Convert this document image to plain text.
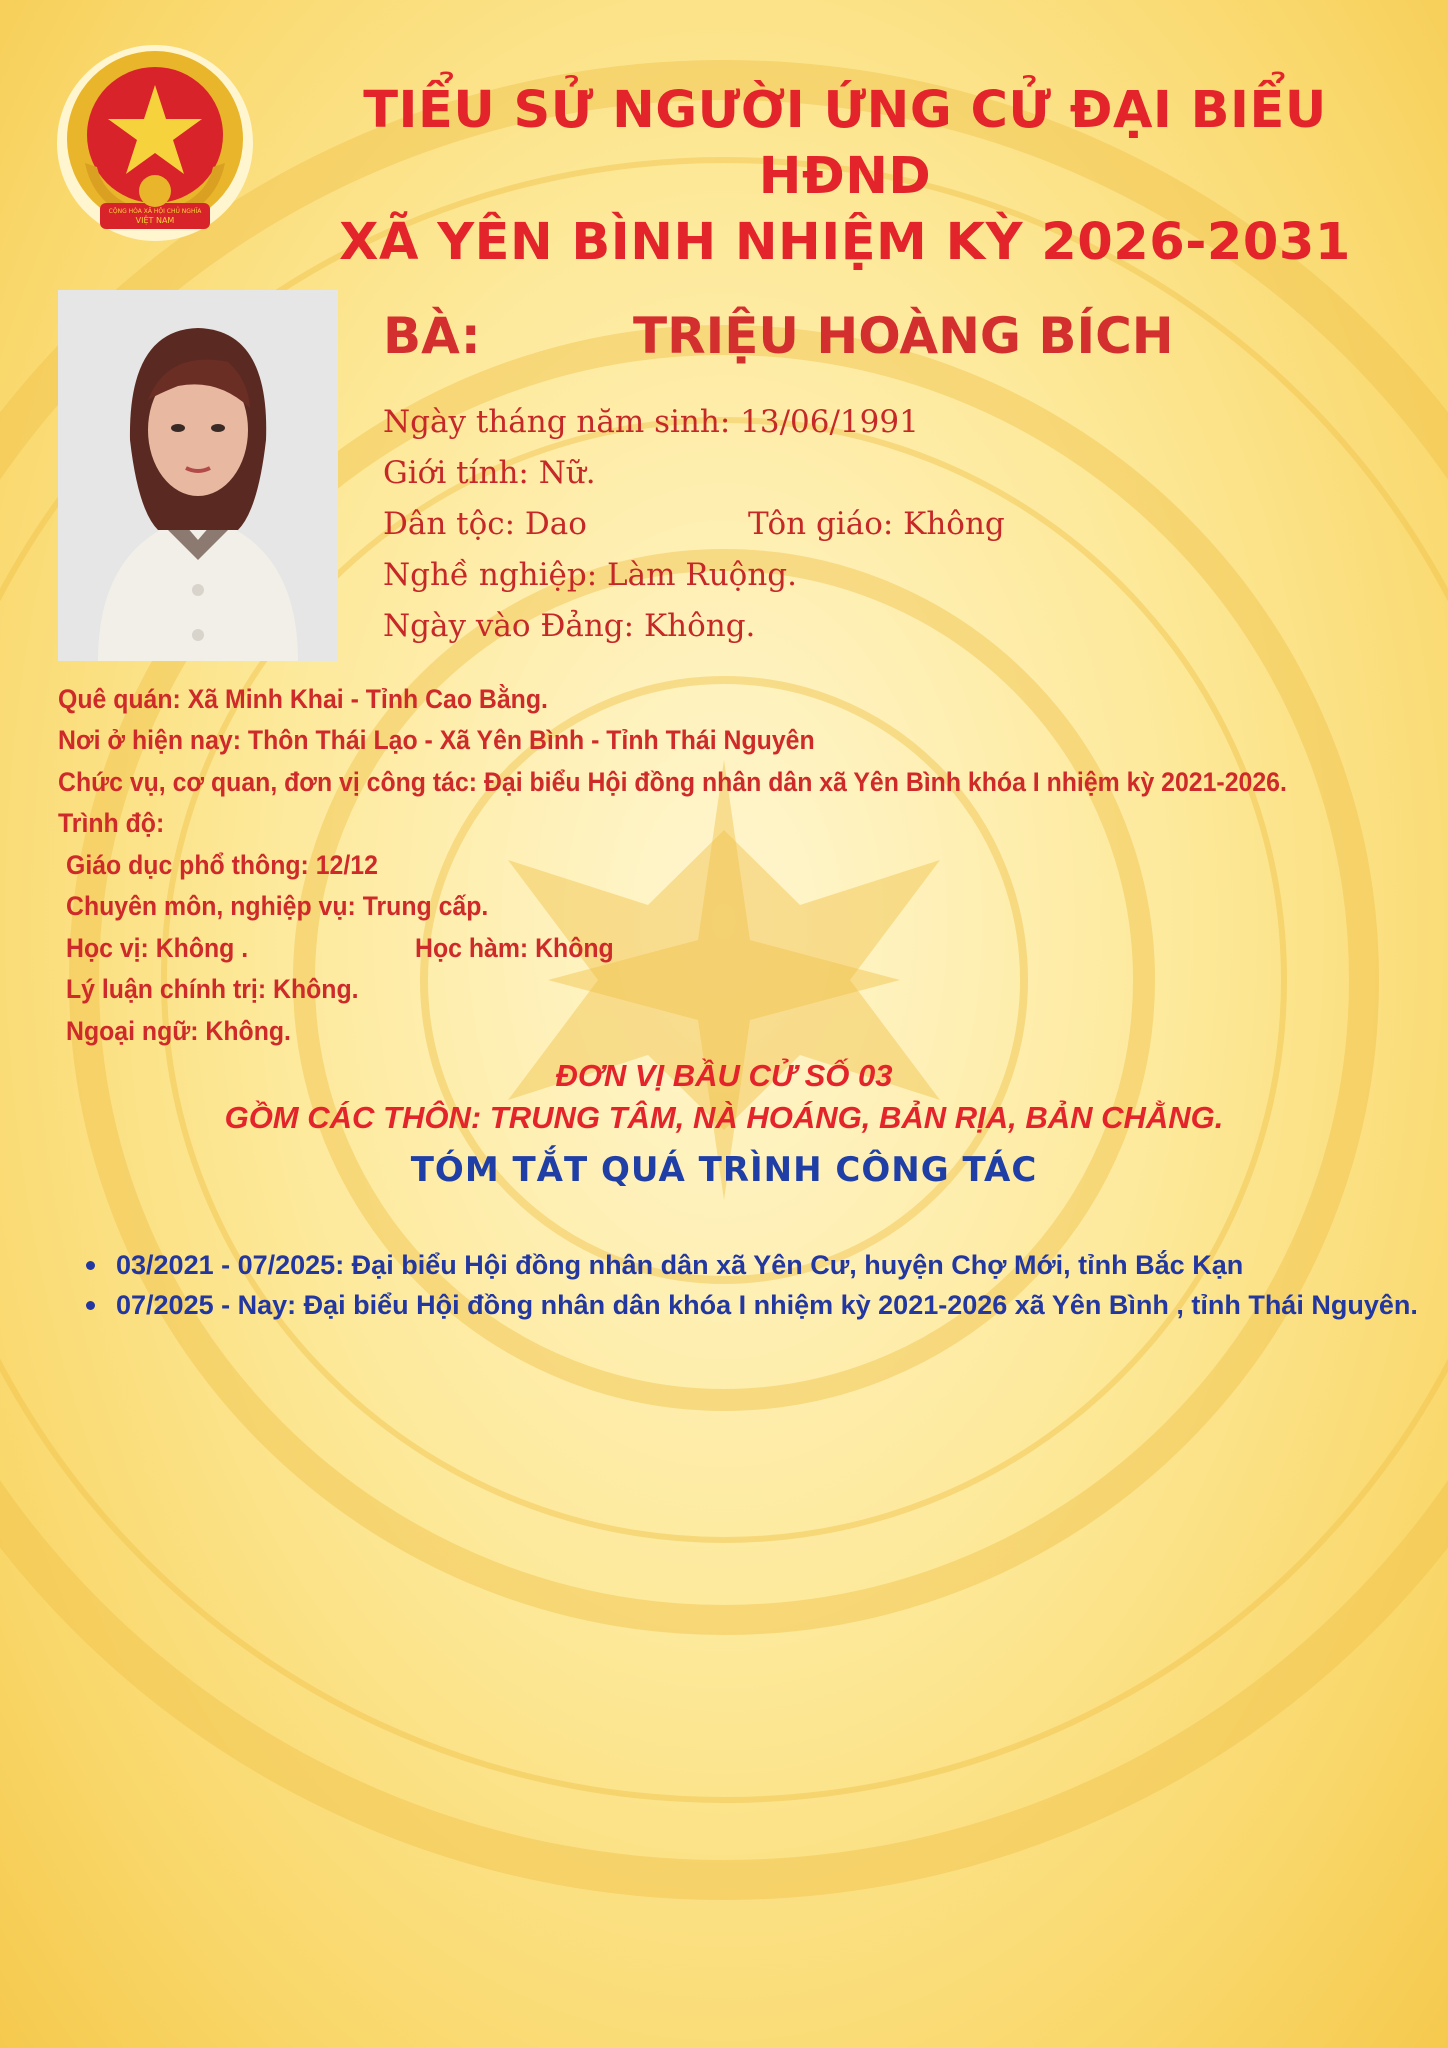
CỘNG HÒA XÃ HỘI CHỦ NGHĨA
VIỆT NAM
TIỂU SỬ NGƯỜI ỨNG CỬ ĐẠI BIỂU HĐND
XÃ YÊN BÌNH NHIỆM KỲ 2026-2031
BÀ:	TRIỆU HOÀNG BÍCH
Ngày tháng năm sinh: 13/06/1991
Giới tính: Nữ.
Dân tộc: Dao	Tôn giáo: Không
Nghề nghiệp: Làm Ruộng.
Ngày vào Đảng: Không.
Quê quán: Xã Minh Khai - Tỉnh Cao Bằng.
Nơi ở hiện nay: Thôn Thái Lạo - Xã Yên Bình - Tỉnh Thái Nguyên
Chức vụ, cơ quan, đơn vị công tác: Đại biểu Hội đồng nhân dân xã Yên Bình khóa I nhiệm kỳ 2021-2026.
Trình độ:
Giáo dục phổ thông: 12/12
Chuyên môn, nghiệp vụ: Trung cấp.
Học vị: Không .	Học hàm: Không
Lý luận chính trị: Không.
Ngoại ngữ: Không.
ĐƠN VỊ BẦU CỬ SỐ 03
GỒM CÁC THÔN: TRUNG TÂM, NÀ HOÁNG, BẢN RỊA, BẢN CHẰNG.
TÓM TẮT QUÁ TRÌNH CÔNG TÁC
03/2021 - 07/2025: Đại biểu Hội đồng nhân dân xã Yên Cư, huyện Chợ Mới, tỉnh Bắc Kạn
07/2025 - Nay: Đại biểu Hội đồng nhân dân khóa I nhiệm kỳ 2021-2026 xã Yên Bình , tỉnh Thái Nguyên.
